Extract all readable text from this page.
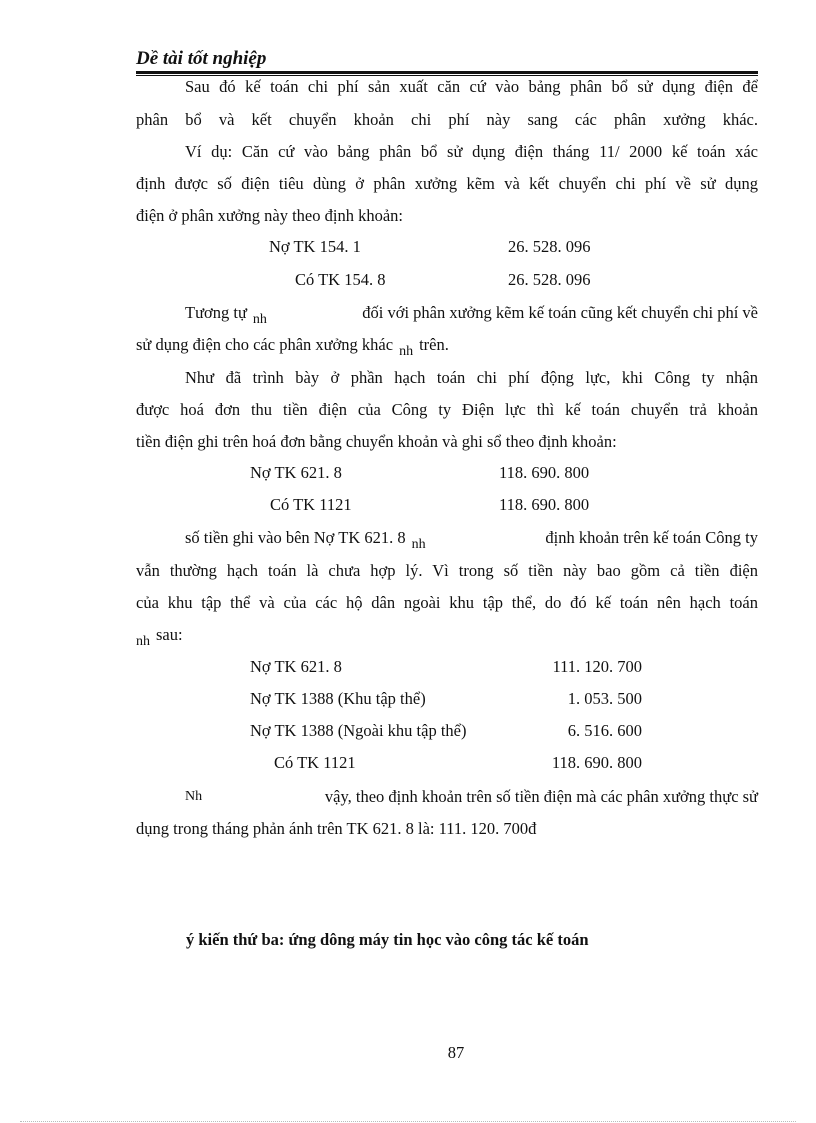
Dề tài tốt nghiệp
Sau đó kế toán chi phí sản xuất căn cứ vào bảng phân bổ sử dụng điện để
phân bổ và kết chuyển khoản chi phí này sang các phân xưởng khác.
Ví dụ: Căn cứ vào bảng phân bổ sử dụng điện tháng 11/ 2000 kế toán xác
định được số điện tiêu dùng ở phân xưởng kẽm và kết chuyển chi phí về sử dụng
điện ở phân xưởng này theo định khoản:
Nợ TK 154. 1	26. 528. 096
Có TK 154. 8	26. 528. 096
Tương tự $_{nh}$	đối với phân xưởng kẽm kế toán cũng kết chuyển chi phí về
sử dụng điện cho các phân xưởng khác $_{nh}$ trên.
Như đã trình bày ở phần hạch toán chi phí động lực, khi Công ty nhận
được hoá đơn thu tiền điện của Công ty Điện lực thì kế toán chuyển trả khoản
tiền điện ghi trên hoá đơn bằng chuyển khoản và ghi sổ theo định khoản:
Nợ TK 621. 8	118. 690. 800
Có TK 1121	118. 690. 800
số tiền ghi vào bên Nợ TK 621. 8 $_{nh}$	định khoản trên kế toán Công ty
vẫn thường hạch toán là chưa hợp lý. Vì trong số tiền này bao gồm cả tiền điện
của khu tập thể và của các hộ dân ngoài khu tập thể, do đó kế toán nên hạch toán
$_{nh}$ sau:
Nợ TK 621. 8	111. 120. 700
Nợ TK 1388 (Khu tập thể)	1. 053. 500
Nợ TK 1388 (Ngoài khu tập thể)	6. 516. 600
Có TK 1121	118. 690. 800
Nh	vậy, theo định khoản trên số tiền điện mà các phân xưởng thực sử
dụng trong tháng phản ánh trên TK 621. 8 là: 111. 120. 700đ
ý kiến thứ ba: ứng dông máy tin học vào công tác kế toán
87
